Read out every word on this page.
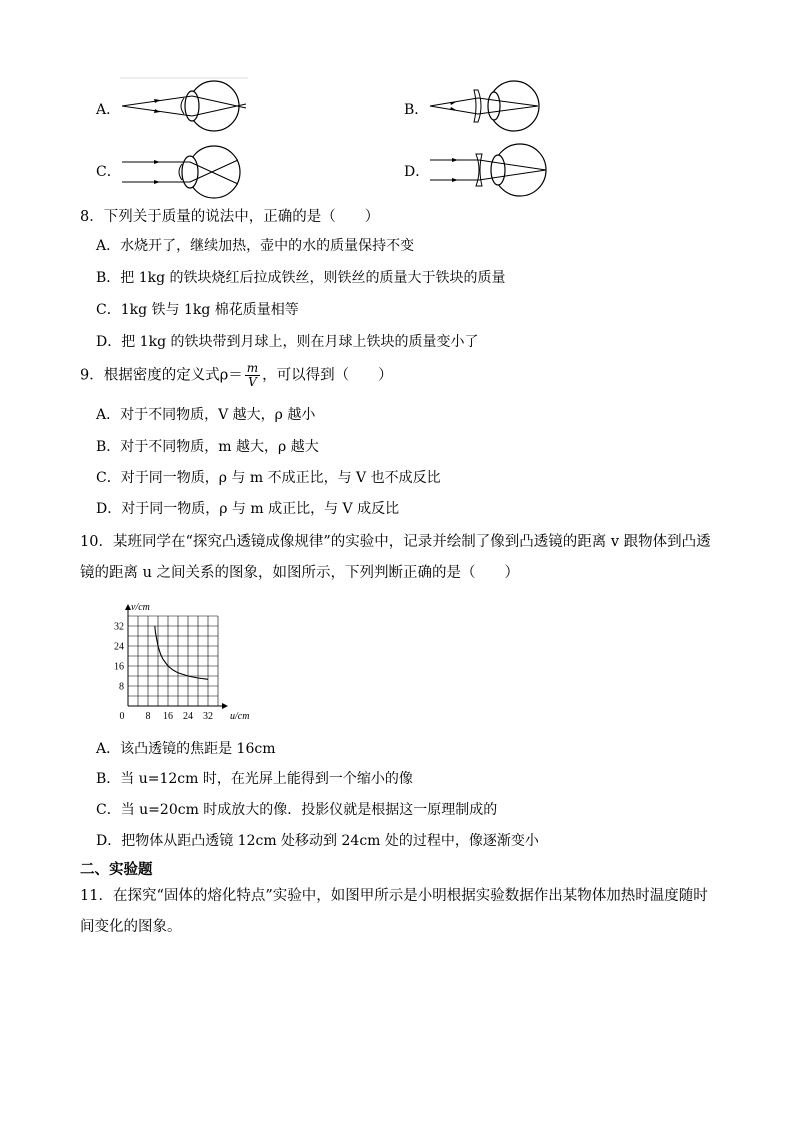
A．	B．
C．	D．
8．下列关于质量的说法中，正确的是（　　）
A．水烧开了，继续加热，壶中的水的质量保持不变
B．把 1kg 的铁块烧红后拉成铁丝，则铁丝的质量大于铁块的质量
C．1kg 铁与 1kg 棉花质量相等
D．把 1kg 的铁块带到月球上，则在月球上铁块的质量变小了
9．根据密度的定义式$\rho= \frac{m}{V}$ ，可以得到（　　）
A．对于不同物质，V 越大，ρ 越小
B．对于不同物质，m 越大，ρ 越大
C．对于同一物质，ρ 与 m 不成正比，与 V 也不成反比
D．对于同一物质，ρ 与 m 成正比，与 V 成反比
10．某班同学在“探究凸透镜成像规律”的实验中，记录并绘制了像到凸透镜的距离 v 跟物体到凸透
镜的距离 u 之间关系的图象，如图所示，下列判断正确的是（　　）
0 8 16 24 32
8
16
24
32
v/cm
u/cm
A．该凸透镜的焦距是 16cm
B．当 u=12cm 时，在光屏上能得到一个缩小的像
C．当 u=20cm 时成放大的像．投影仪就是根据这一原理制成的
D．把物体从距凸透镜 12cm 处移动到 24cm 处的过程中，像逐渐变小
二、实验题
11．在探究“固体的熔化特点”实验中，如图甲所示是小明根据实验数据作出某物体加热时温度随时
间变化的图象。
